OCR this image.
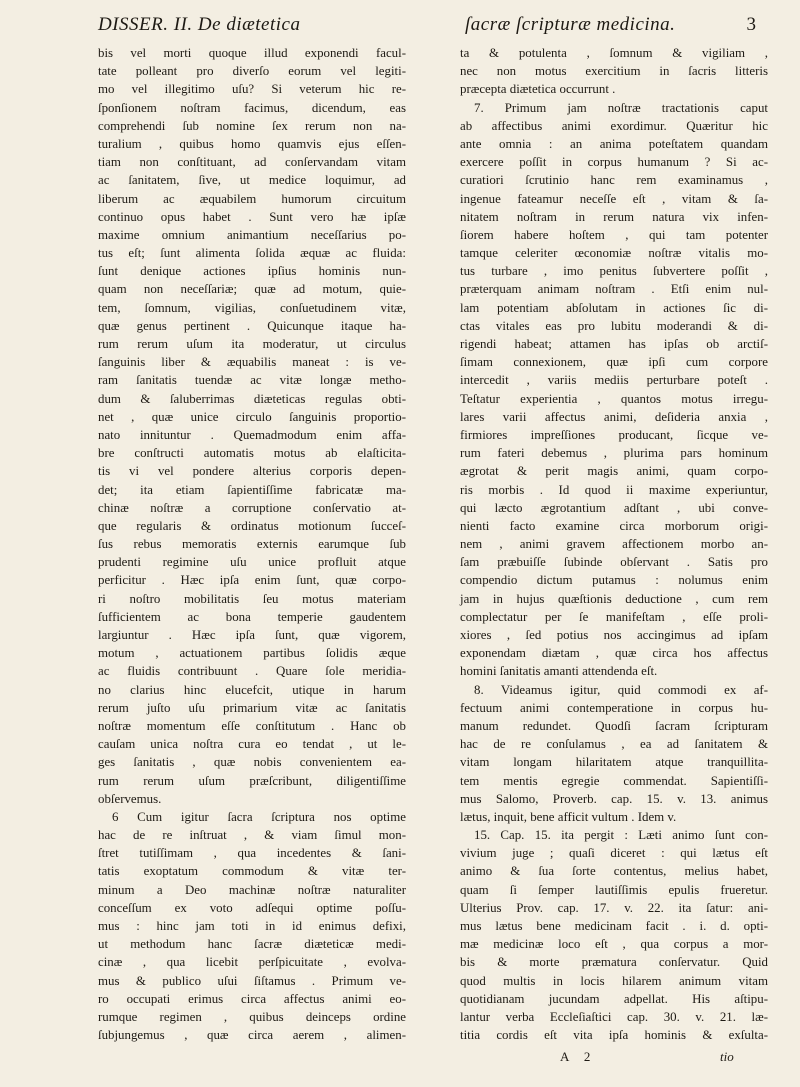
DISSER. II. De diætetica	ſacræ ſcripturæ medicina.	3
bis vel morti quoque illud exponendi facul-
tate polleant pro diverſo eorum vel legiti-
mo vel illegitimo uſu? Si veterum hic re-
ſponſionem noſtram facimus, dicendum, eas
comprehendi ſub nomine ſex rerum non na-
turalium , quibus homo quamvis ejus eſſen-
tiam non conſtituant, ad conſervandam vitam
ac ſanitatem, ſive, ut medice loquimur, ad
liberum ac æquabilem humorum circuitum
continuo opus habet . Sunt vero hæ ipſæ
maxime omnium animantium neceſſarius po-
tus eſt; ſunt alimenta ſolida æquæ ac fluida:
ſunt denique actiones ipſius hominis nun-
quam non neceſſariæ; quæ ad motum, quie-
tem, ſomnum, vigilias, conſuetudinem vitæ,
quæ genus pertinent . Quicunque itaque ha-
rum rerum uſum ita moderatur, ut circulus
ſanguinis liber & æquabilis maneat : is ve-
ram ſanitatis tuendæ ac vitæ longæ metho-
dum & ſaluberrimas diæteticas regulas obti-
net , quæ unice circulo ſanguinis proportio-
nato innituntur . Quemadmodum enim affa-
bre conſtructi automatis motus ab elaſticita-
tis vi vel pondere alterius corporis depen-
det; ita etiam ſapientiſſime fabricatæ ma-
chinæ noſtræ a corruptione conſervatio at-
que regularis & ordinatus motionum ſucceſ-
ſus rebus memoratis externis earumque ſub
prudenti regimine uſu unice profluit atque
perficitur . Hæc ipſa enim ſunt, quæ corpo-
ri noſtro mobilitatis ſeu motus materiam
ſufficientem ac bona temperie gaudentem
largiuntur . Hæc ipſa ſunt, quæ vigorem,
motum , actuationem partibus ſolidis æque
ac fluidis contribuunt . Quare ſole meridia-
no clarius hinc elucefcit, utique in harum
rerum juſto uſu primarium vitæ ac ſanitatis
noſtræ momentum eſſe conſtitutum . Hanc ob
cauſam unica noſtra cura eo tendat , ut le-
ges ſanitatis , quæ nobis convenientem ea-
rum rerum uſum præſcribunt, diligentiſſime
obſervemus.
6 Cum igitur ſacra ſcriptura nos optime
hac de re inſtruat , & viam ſimul mon-
ſtret tutiſſimam , qua incedentes & ſani-
tatis exoptatum commodum & vitæ ter-
minum a Deo machinæ noſtræ naturaliter
conceſſum ex voto adſequi optime poſſu-
mus : hinc jam toti in id enimus defixi,
ut methodum hanc ſacræ diæteticæ medi-
cinæ , qua licebit perſpicuitate , evolva-
mus & publico uſui ſiſtamus . Primum ve-
ro occupati erimus circa affectus animi eo-
rumque regimen , quibus deinceps ordine
ſubjungemus , quæ circa aerem , alimen-
ta & potulenta , ſomnum & vigiliam ,
nec non motus exercitium in ſacris litteris
præcepta diætetica occurrunt .
7. Primum jam noſtræ tractationis caput
ab affectibus animi exordimur. Quæritur hic
ante omnia : an anima poteſtatem quandam
exercere poſſit in corpus humanum ? Si ac-
curatiori ſcrutinio hanc rem examinamus ,
ingenue fateamur neceſſe eſt , vitam & ſa-
nitatem noſtram in rerum natura vix infen-
ſiorem habere hoſtem , qui tam potenter
tamque celeriter œconomiæ noſtræ vitalis mo-
tus turbare , imo penitus ſubvertere poſſit ,
præterquam animam noſtram . Etſi enim nul-
lam potentiam abſolutam in actiones ſic di-
ctas vitales eas pro lubitu moderandi & di-
rigendi habeat; attamen has ipſas ob arctiſ-
ſimam connexionem, quæ ipſi cum corpore
intercedit , variis mediis perturbare poteſt .
Teſtatur experientia , quantos motus irregu-
lares varii affectus animi, deſideria anxia ,
firmiores impreſſiones producant, ſicque ve-
rum fateri debemus , plurima pars hominum
ægrotat & perit magis animi, quam corpo-
ris morbis . Id quod ii maxime experiuntur,
qui læcto ægrotantium adſtant , ubi conve-
nienti facto examine circa morborum origi-
nem , animi gravem affectionem morbo an-
ſam præbuiſſe ſubinde obſervant . Satis pro
compendio dictum putamus : nolumus enim
jam in hujus quæſtionis deductione , cum rem
complectatur per ſe manifeſtam , eſſe proli-
xiores , ſed potius nos accingimus ad ipſam
exponendam diætam , quæ circa hos affectus
homini ſanitatis amanti attendenda eſt.
8. Videamus igitur, quid commodi ex af-
fectuum animi contemperatione in corpus hu-
manum redundet. Quodſi ſacram ſcripturam
hac de re conſulamus , ea ad ſanitatem &
vitam longam hilaritatem atque tranquillita-
tem mentis egregie commendat. Sapientiſſi-
mus Salomo, Proverb. cap. 15. v. 13. animus
lætus, inquit, bene afficit vultum . Idem v.
15. Cap. 15. ita pergit : Læti animo ſunt con-
vivium juge ; quaſi diceret : qui lætus eſt
animo & ſua ſorte contentus, melius habet,
quam ſi ſemper lautiſſimis epulis frueretur.
Ulterius Prov. cap. 17. v. 22. ita ſatur: ani-
mus lætus bene medicinam facit . i. d. opti-
mæ medicinæ loco eſt , qua corpus a mor-
bis & morte præmatura conſervatur. Quid
quod multis in locis hilarem animum vitam
quotidianam jucundam adpellat. His aſtipu-
lantur verba Eccleſiaſtici cap. 30. v. 21. læ-
titia cordis eſt vita ipſa hominis & exſulta-
A 2	tio
